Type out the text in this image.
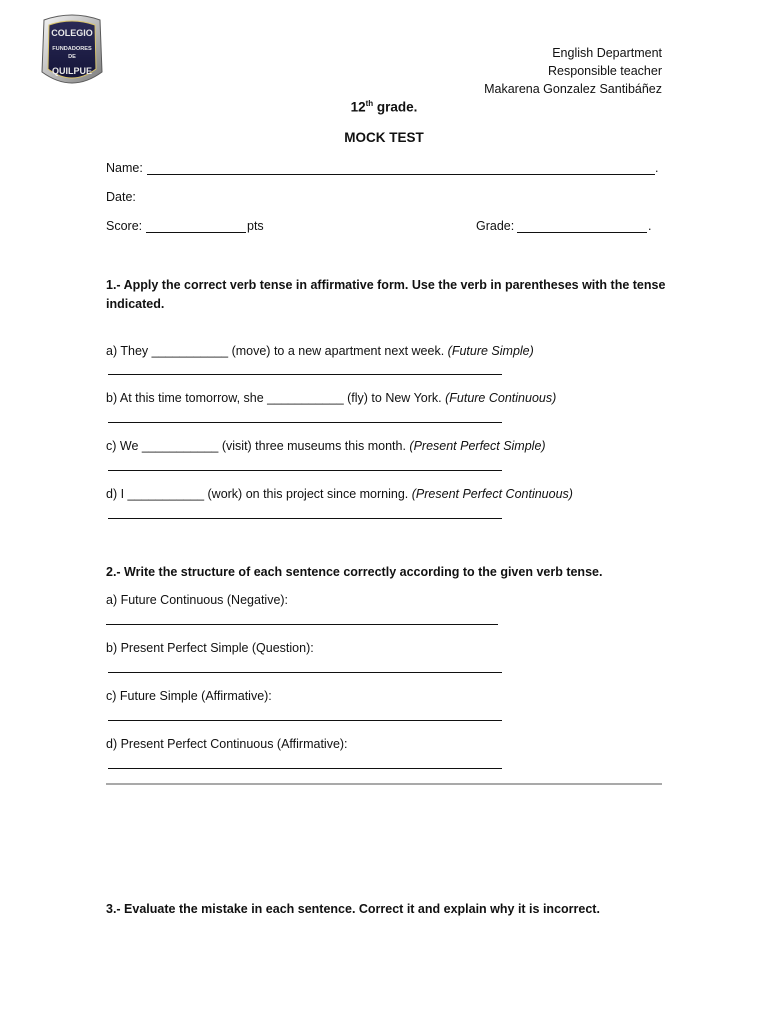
COLEGIO
FUNDADORES
DE
QUILPUE
English Department
Responsible teacher
Makarena Gonzalez Santibáñez
12th grade.
MOCK TEST
Name:	.
Date:
Score:	pts	Grade:	.
1.- Apply the correct verb tense in affirmative form. Use the verb in parentheses with the tense
indicated.
a) They ___________ (move) to a new apartment next week. (Future Simple)
b) At this time tomorrow, she ___________ (fly) to New York. (Future Continuous)
c) We ___________ (visit) three museums this month. (Present Perfect Simple)
d) I ___________ (work) on this project since morning. (Present Perfect Continuous)
2.- Write the structure of each sentence correctly according to the given verb tense.
a) Future Continuous (Negative):
b) Present Perfect Simple (Question):
c) Future Simple (Affirmative):
d) Present Perfect Continuous (Affirmative):
3.- Evaluate the mistake in each sentence. Correct it and explain why it is incorrect.
